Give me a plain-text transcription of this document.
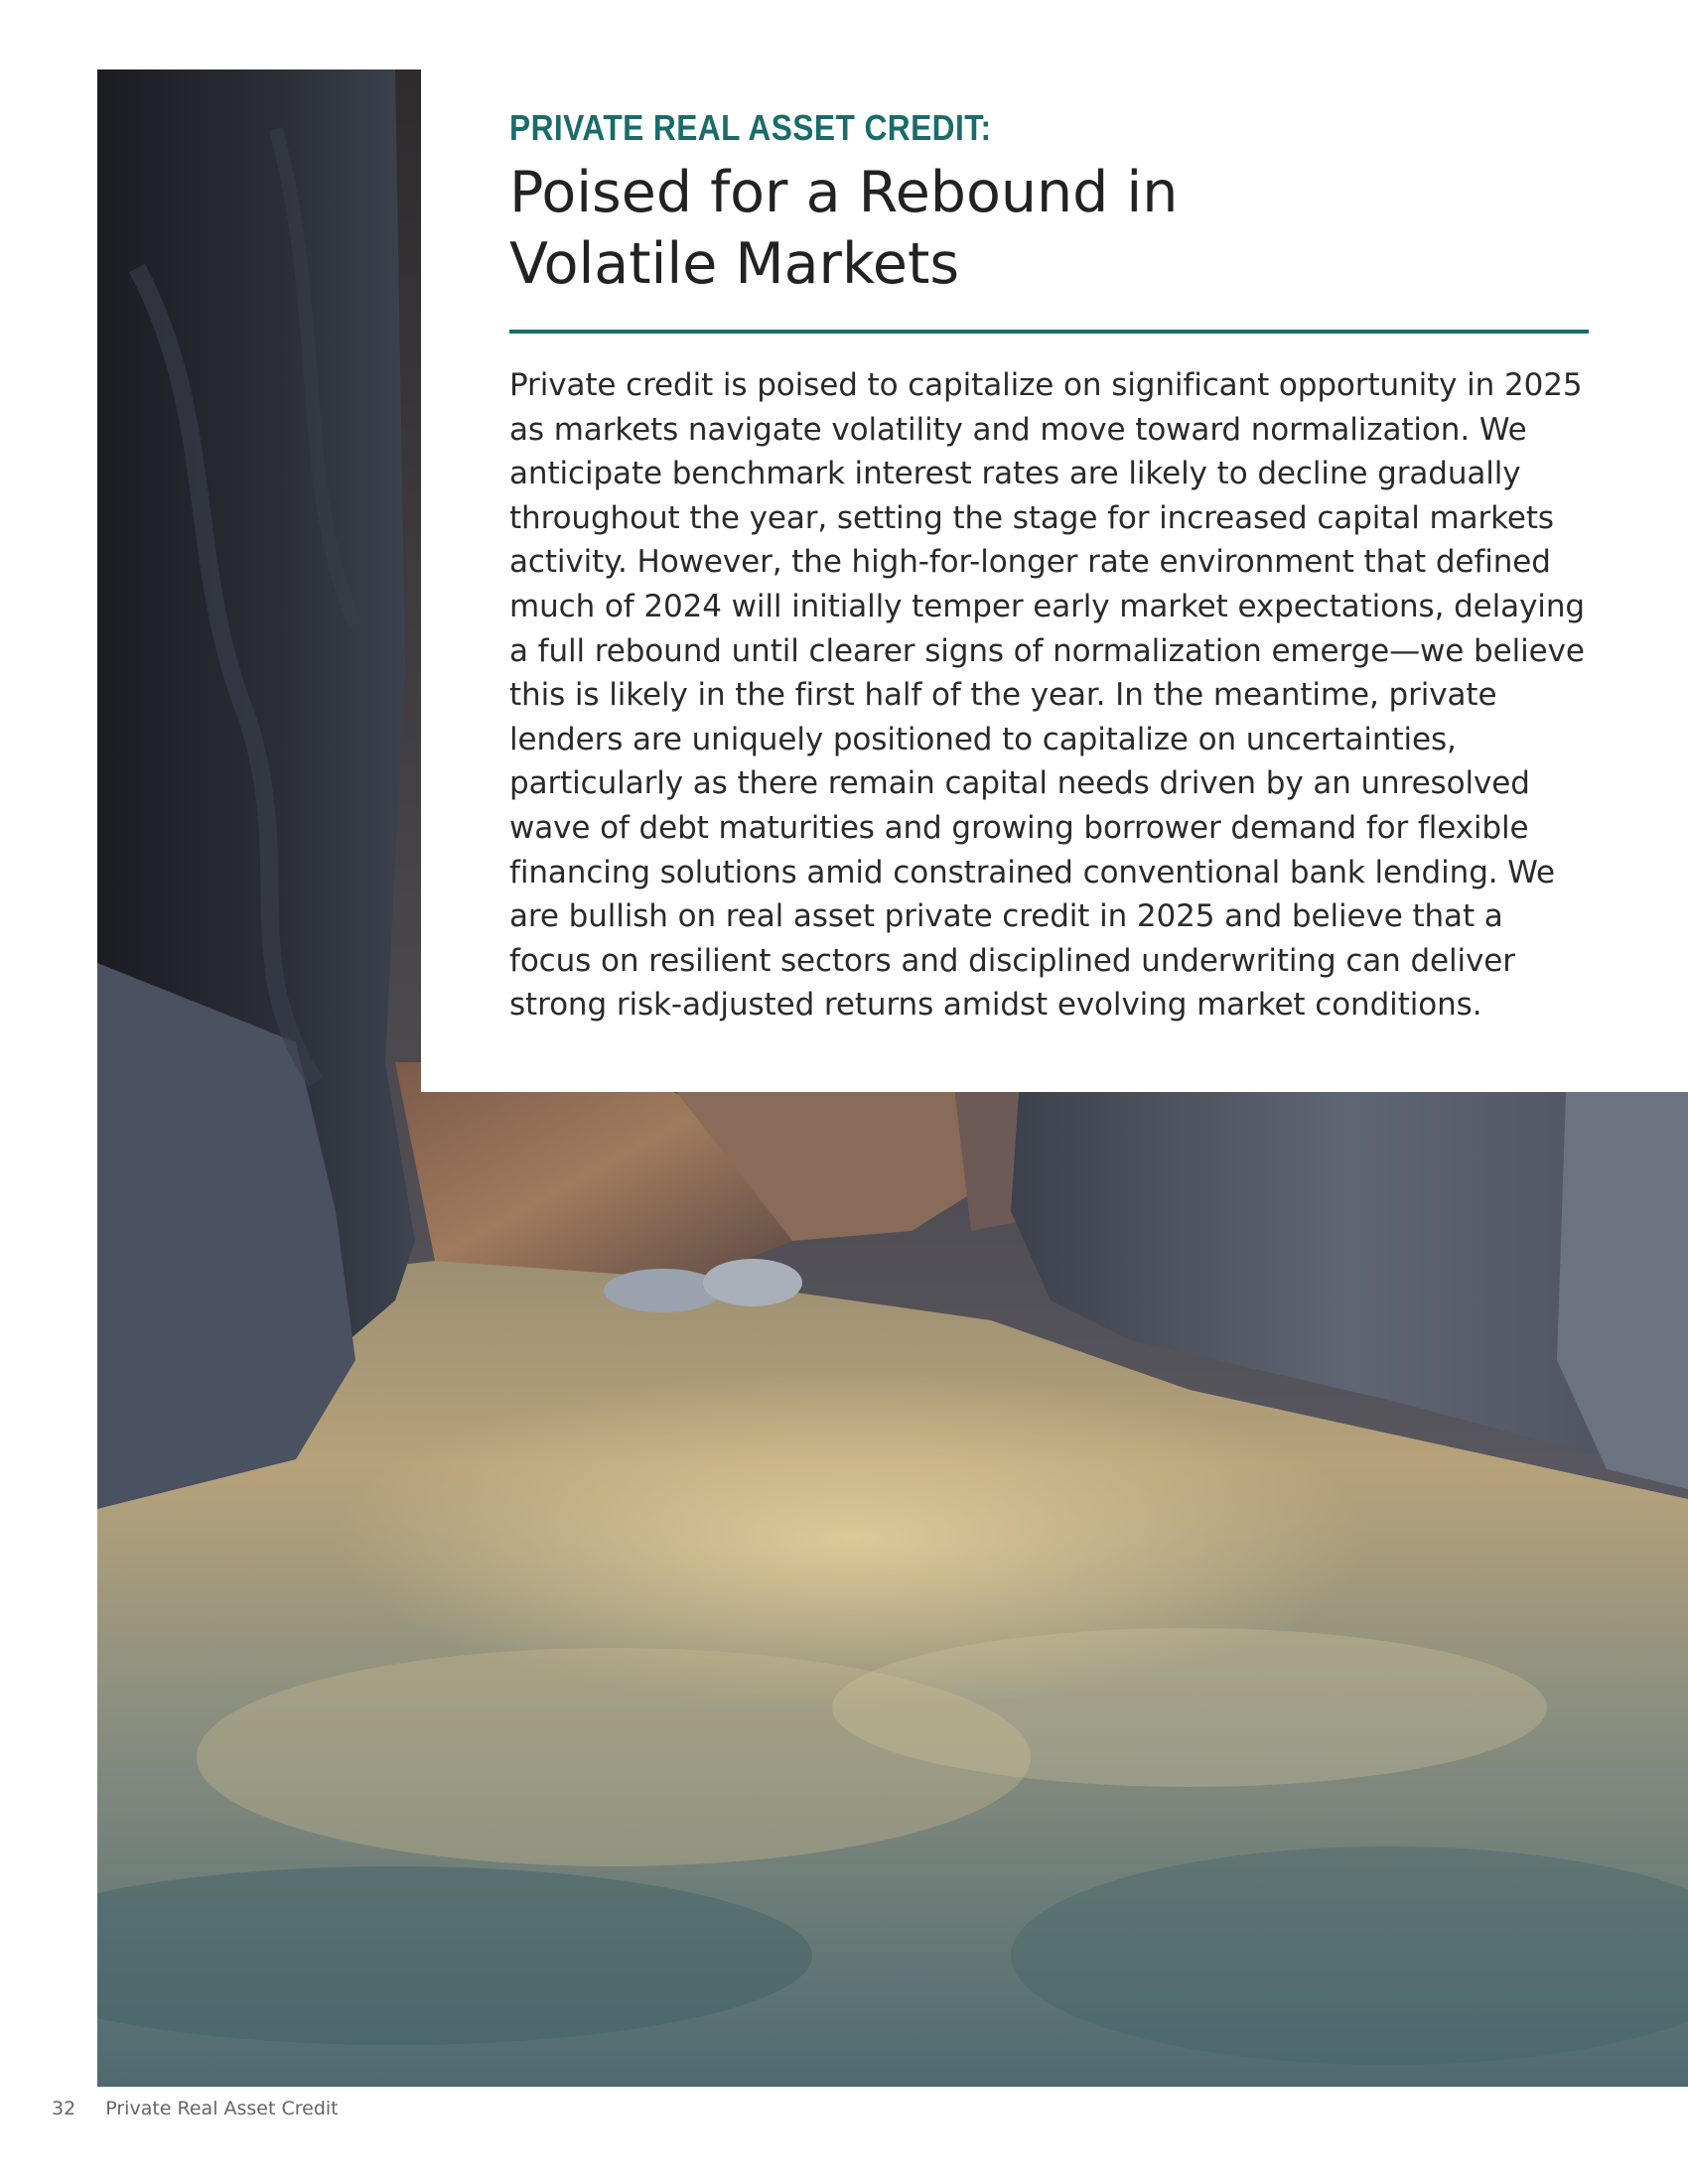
PRIVATE REAL ASSET CREDIT:
Poised for a Rebound in Volatile Markets

Private credit is poised to capitalize on significant opportunity in 2025 as markets navigate volatility and move toward normalization. We anticipate benchmark interest rates are likely to decline gradually throughout the year, setting the stage for increased capital markets activity. However, the high-for-longer rate environment that defined much of 2024 will initially temper early market expectations, delaying a full rebound until clearer signs of normalization emerge—we believe this is likely in the first half of the year. In the meantime, private lenders are uniquely positioned to capitalize on uncertainties, particularly as there remain capital needs driven by an unresolved wave of debt maturities and growing borrower demand for flexible financing solutions amid constrained conventional bank lending. We are bullish on real asset private credit in 2025 and believe that a focus on resilient sectors and disciplined underwriting can deliver strong risk-adjusted returns amidst evolving market conditions.

32 Private Real Asset Credit
